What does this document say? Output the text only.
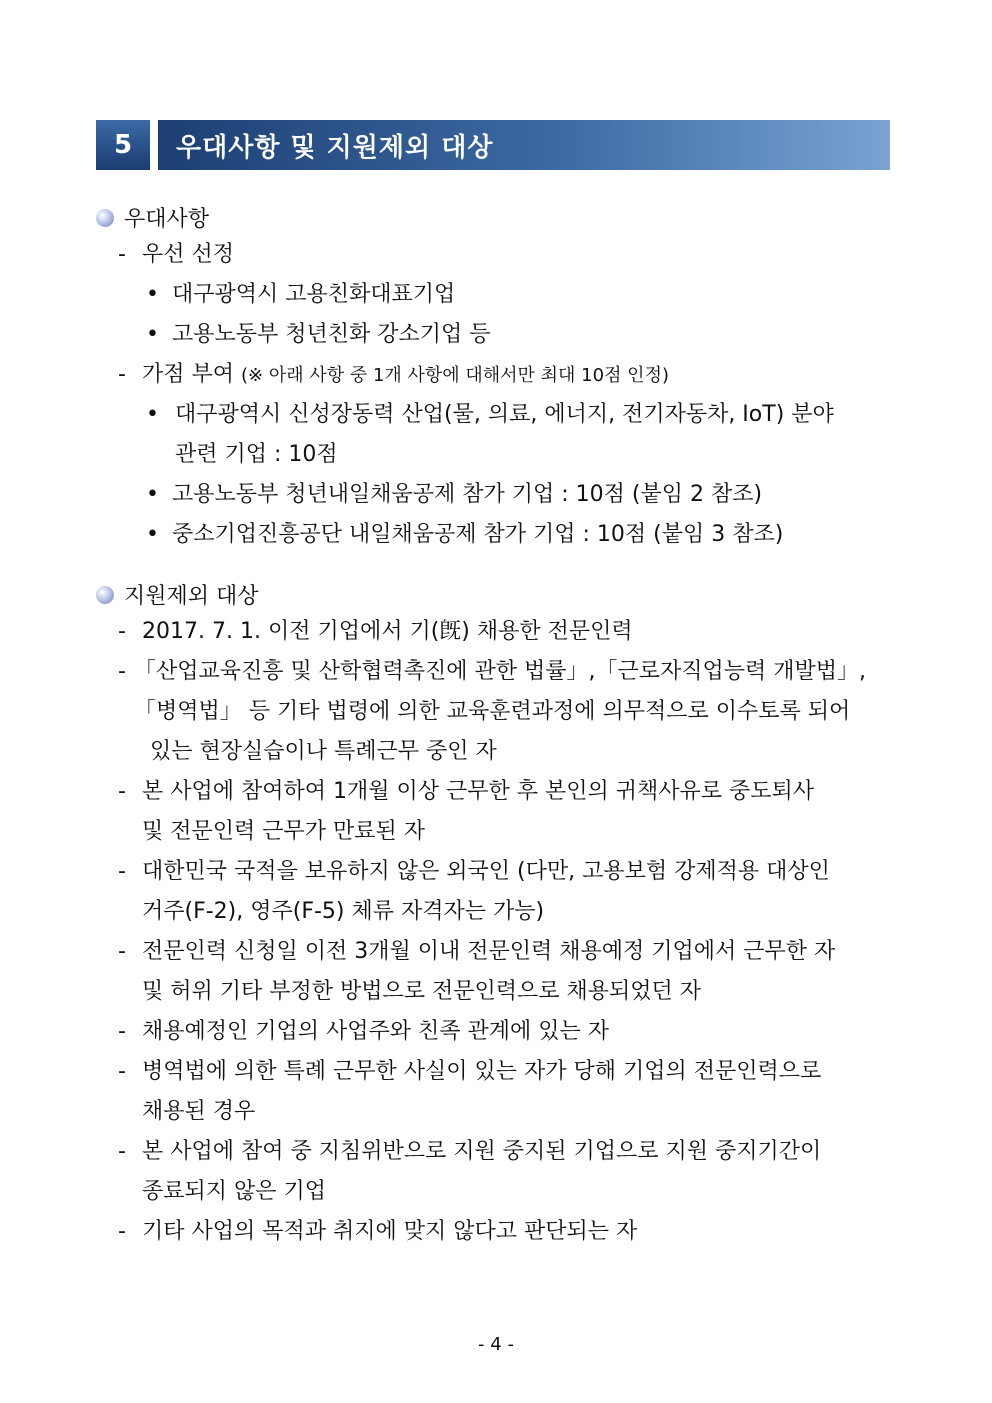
5	우대사항 및 지원제외 대상
우대사항
- 우선 선정
• 대구광역시 고용친화대표기업
• 고용노동부 청년친화 강소기업 등
- 가점 부여 (※ 아래 사항 중 1개 사항에 대해서만 최대 10점 인정)
• 대구광역시 신성장동력 산업(물, 의료, 에너지, 전기자동차, IoT) 분야
관련 기업 : 10점
• 고용노동부 청년내일채움공제 참가 기업 : 10점 (붙임 2 참조)
• 중소기업진흥공단 내일채움공제 참가 기업 : 10점 (붙임 3 참조)
지원제외 대상
- 2017. 7. 1. 이전 기업에서 기(旣) 채용한 전문인력
- 「산업교육진흥 및 산학협력촉진에 관한 법률」,「근로자직업능력 개발법」,
「병역법」 등 기타 법령에 의한 교육훈련과정에 의무적으로 이수토록 되어
있는 현장실습이나 특례근무 중인 자
- 본 사업에 참여하여 1개월 이상 근무한 후 본인의 귀책사유로 중도퇴사
및 전문인력 근무가 만료된 자
- 대한민국 국적을 보유하지 않은 외국인 (다만, 고용보험 강제적용 대상인
거주(F-2), 영주(F-5) 체류 자격자는 가능)
- 전문인력 신청일 이전 3개월 이내 전문인력 채용예정 기업에서 근무한 자
및 허위 기타 부정한 방법으로 전문인력으로 채용되었던 자
- 채용예정인 기업의 사업주와 친족 관계에 있는 자
- 병역법에 의한 특례 근무한 사실이 있는 자가 당해 기업의 전문인력으로
채용된 경우
- 본 사업에 참여 중 지침위반으로 지원 중지된 기업으로 지원 중지기간이
종료되지 않은 기업
- 기타 사업의 목적과 취지에 맞지 않다고 판단되는 자
- 4 -
